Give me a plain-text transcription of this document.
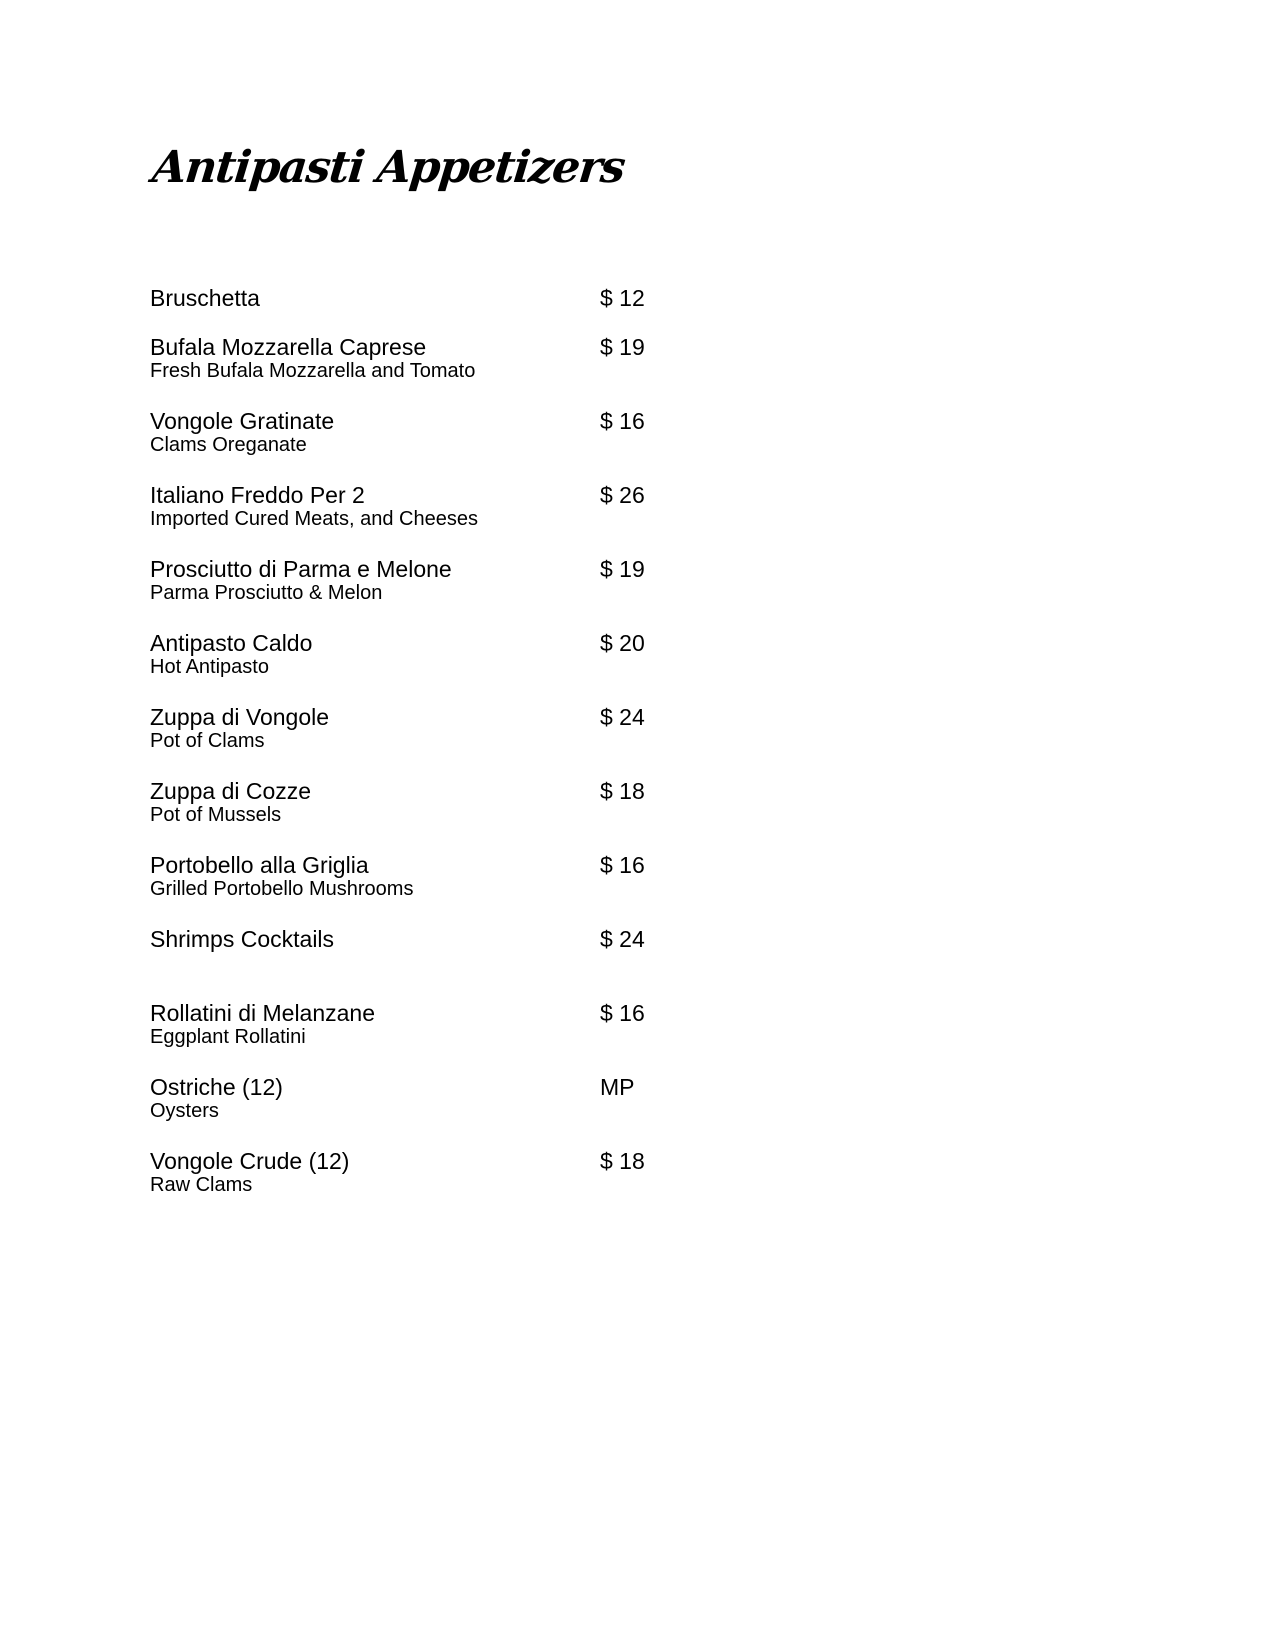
Antipasti Appetizers
Bruschetta	$ 12
Bufala Mozzarella Caprese
Fresh Bufala Mozzarella and Tomato
$ 19
Vongole Gratinate
Clams Oreganate
$ 16
Italiano Freddo Per 2
Imported Cured Meats, and Cheeses
$ 26
Prosciutto di Parma e Melone
Parma Prosciutto & Melon
$ 19
Antipasto Caldo
Hot Antipasto
$ 20
Zuppa di Vongole
Pot of Clams
$ 24
Zuppa di Cozze
Pot of Mussels
$ 18
Portobello alla Griglia
Grilled Portobello Mushrooms
$ 16
Shrimps Cocktails	$ 24
Rollatini di Melanzane
Eggplant Rollatini
$ 16
Ostriche (12)
Oysters
MP
Vongole Crude (12)
Raw Clams
$ 18
